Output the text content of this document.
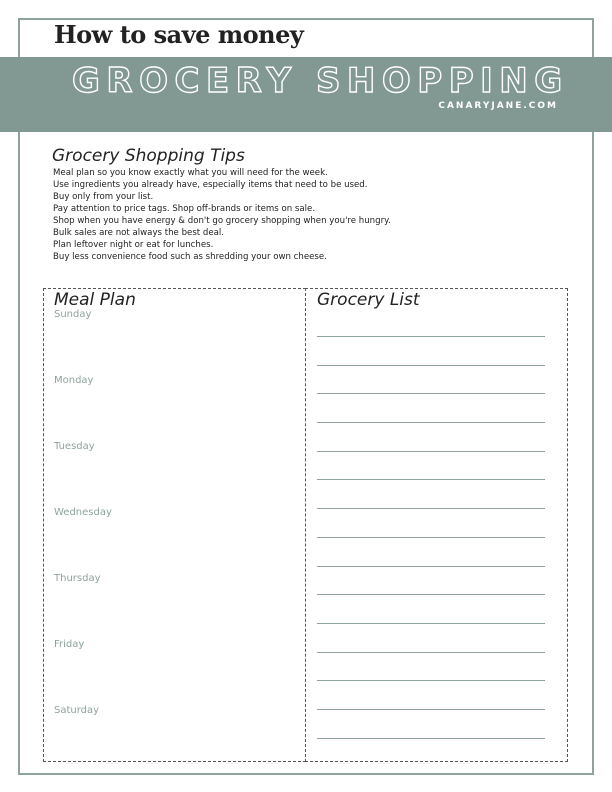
How to save money
GROCERY SHOPPING
CANARYJANE.COM
Grocery Shopping Tips
Meal plan so you know exactly what you will need for the week.
Use ingredients you already have, especially items that need to be used.
Buy only from your list.
Pay attention to price tags. Shop off-brands or items on sale.
Shop when you have energy & don't go grocery shopping when you're hungry.
Bulk sales are not always the best deal.
Plan leftover night or eat for lunches.
Buy less convenience food such as shredding your own cheese.
Meal Plan
Sunday
Monday
Tuesday
Wednesday
Thursday
Friday
Saturday
Grocery List
